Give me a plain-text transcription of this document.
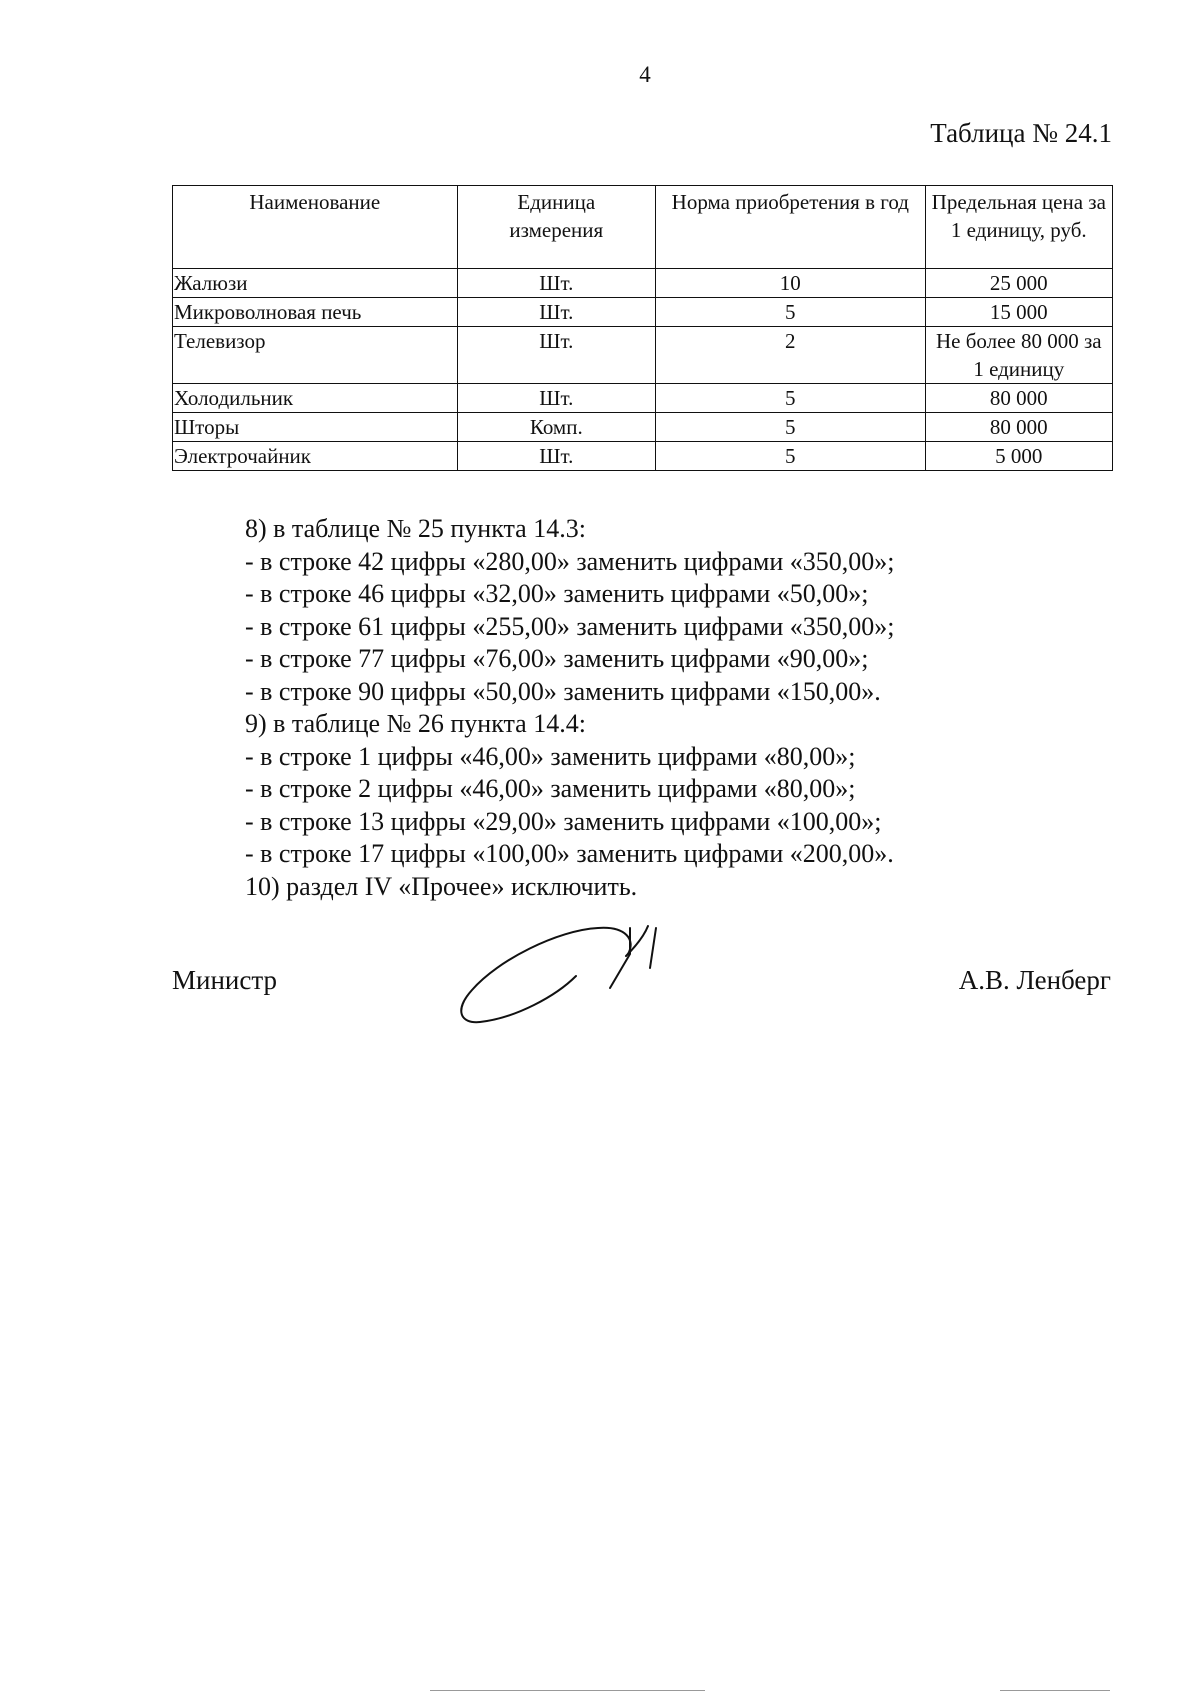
4
Таблица № 24.1
Наименование	Единица измерения	Норма приобретения в год	Предельная цена за 1 единицу, руб.
Жалюзи	Шт.	10	25 000
Микроволновая печь	Шт.	5	15 000
Телевизор	Шт.	2	Не более 80 000 за 1 единицу
Холодильник	Шт.	5	80 000
Шторы	Комп.	5	80 000
Электрочайник	Шт.	5	5 000
8) в таблице № 25 пункта 14.3:
- в строке 42 цифры «280,00» заменить цифрами «350,00»;
- в строке 46 цифры «32,00» заменить цифрами «50,00»;
- в строке 61 цифры «255,00» заменить цифрами «350,00»;
- в строке 77 цифры «76,00» заменить цифрами «90,00»;
- в строке 90 цифры «50,00» заменить цифрами «150,00».
9) в таблице № 26 пункта 14.4:
- в строке 1 цифры «46,00» заменить цифрами «80,00»;
- в строке 2 цифры «46,00» заменить цифрами «80,00»;
- в строке 13 цифры «29,00» заменить цифрами «100,00»;
- в строке 17 цифры «100,00» заменить цифрами «200,00».
10) раздел IV «Прочее» исключить.
Министр	А.В. Ленберг
